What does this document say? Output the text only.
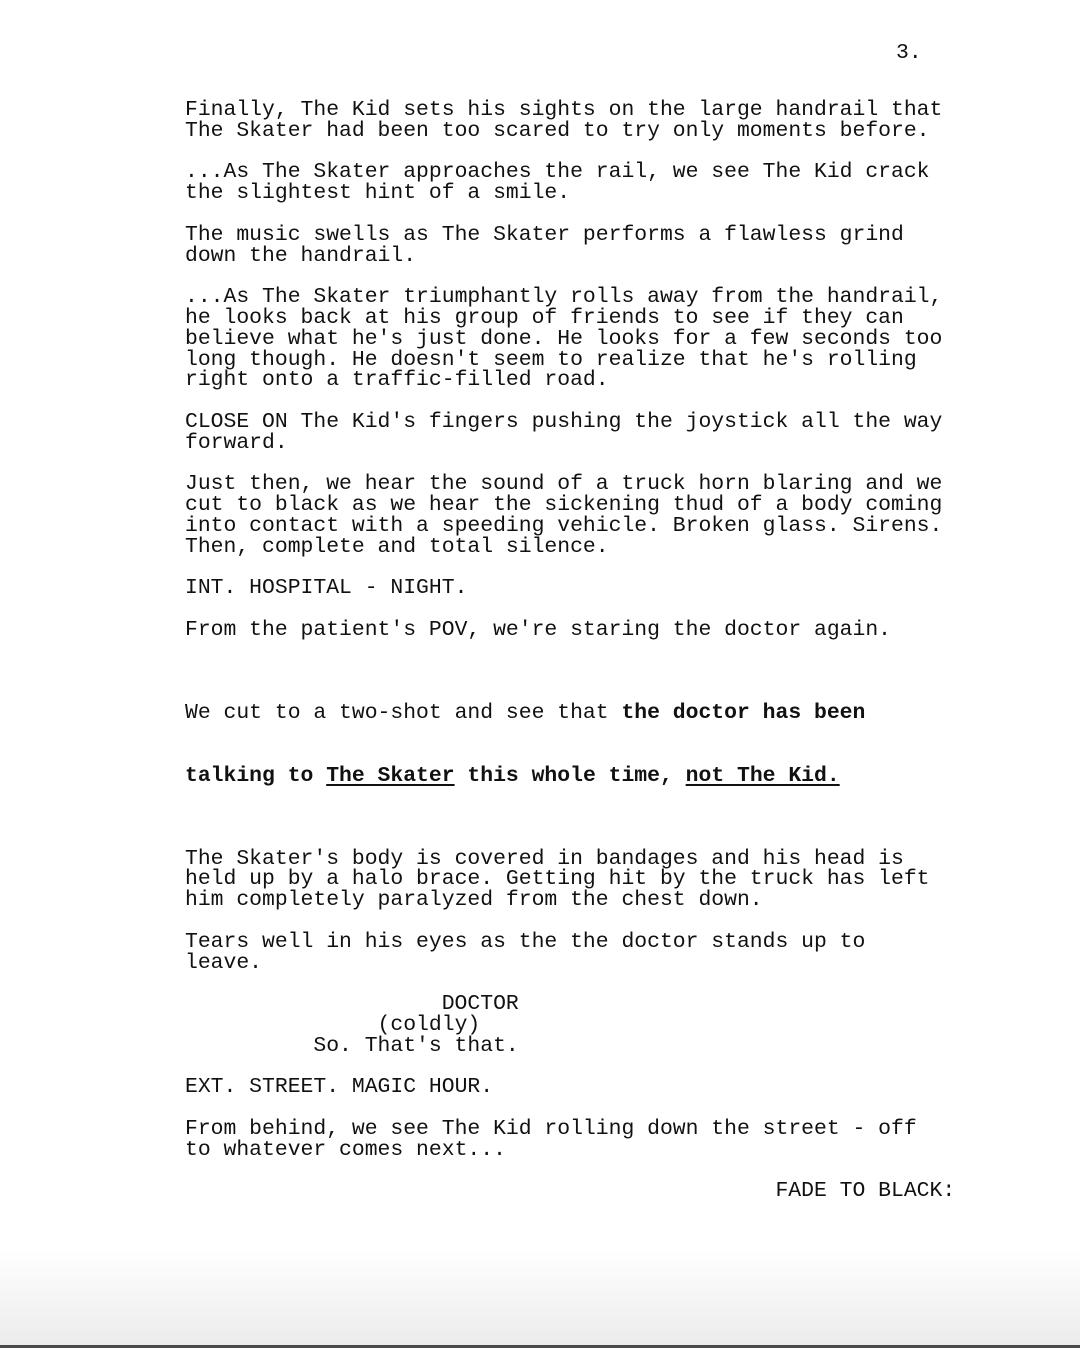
3.
Finally, The Kid sets his sights on the large handrail that
The Skater had been too scared to try only moments before.
...As The Skater approaches the rail, we see The Kid crack
the slightest hint of a smile.
The music swells as The Skater performs a flawless grind
down the handrail.
...As The Skater triumphantly rolls away from the handrail,
he looks back at his group of friends to see if they can
believe what he's just done. He looks for a few seconds too
long though. He doesn't seem to realize that he's rolling
right onto a traffic-filled road.
CLOSE ON The Kid's fingers pushing the joystick all the way
forward.
Just then, we hear the sound of a truck horn blaring and we
cut to black as we hear the sickening thud of a body coming
into contact with a speeding vehicle. Broken glass. Sirens.
Then, complete and total silence.
INT. HOSPITAL - NIGHT.
From the patient's POV, we're staring the doctor again.

We cut to a two-shot and see that the doctor has been

talking to The Skater this whole time, not The Kid.

The Skater's body is covered in bandages and his head is
held up by a halo brace. Getting hit by the truck has left
him completely paralyzed from the chest down.
Tears well in his eyes as the the doctor stands up to
leave.
DOCTOR
(coldly)
So. That's that.
EXT. STREET. MAGIC HOUR.
From behind, we see The Kid rolling down the street - off
to whatever comes next...
FADE TO BLACK:
